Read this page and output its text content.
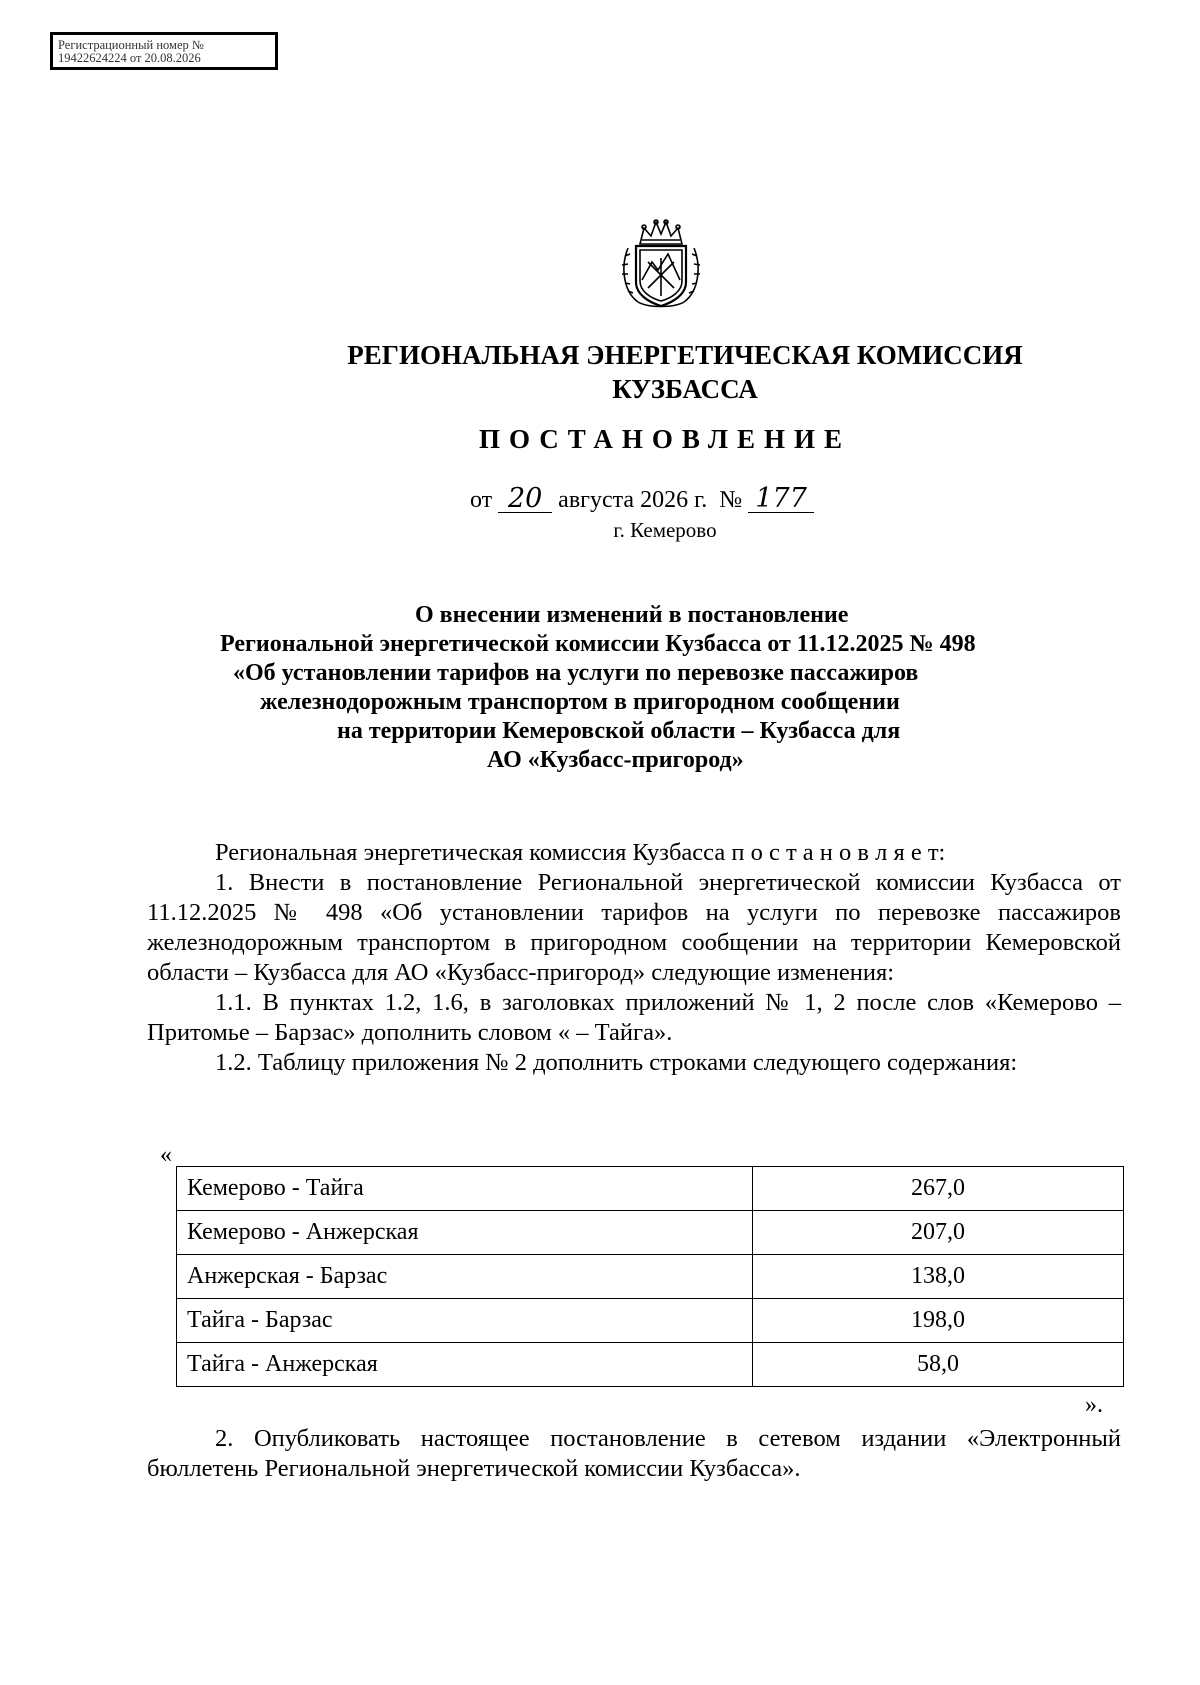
Регистрационный номер №
19422624224 от 20.08.2026
РЕГИОНАЛЬНАЯ ЭНЕРГЕТИЧЕСКАЯ КОМИССИЯ
КУЗБАССА
ПОСТАНОВЛЕНИЕ
от 20 августа 2026 г. № 177
г. Кемерово
О внесении изменений в постановление
Региональной энергетической комиссии Кузбасса от 11.12.2025 № 498
«Об установлении тарифов на услуги по перевозке пассажиров
железнодорожным транспортом в пригородном сообщении
на территории Кемеровской области – Кузбасса для
АО «Кузбасс-пригород»

Региональная энергетическая комиссия Кузбасса п о с т а н о в л я е т:

1. Внести в постановление Региональной энергетической комиссии Кузбасса от 11.12.2025 № 498 «Об установлении тарифов на услуги по перевозке пассажиров железнодорожным транспортом в пригородном сообщении на территории Кемеровской области – Кузбасса для АО «Кузбасс-пригород» следующие изменения:

1.1. В пунктах 1.2, 1.6, в заголовках приложений № 1, 2 после слов «Кемерово – Притомье – Барзас» дополнить словом « – Тайга».

1.2. Таблицу приложения № 2 дополнить строками следующего содержания:

«
Кемерово - Тайга	267,0
Кемерово - Анжерская	207,0
Анжерская - Барзас	138,0
Тайга - Барзас	198,0
Тайга - Анжерская	58,0
».

2. Опубликовать настоящее постановление в сетевом издании «Электронный бюллетень Региональной энергетической комиссии Кузбасса».
